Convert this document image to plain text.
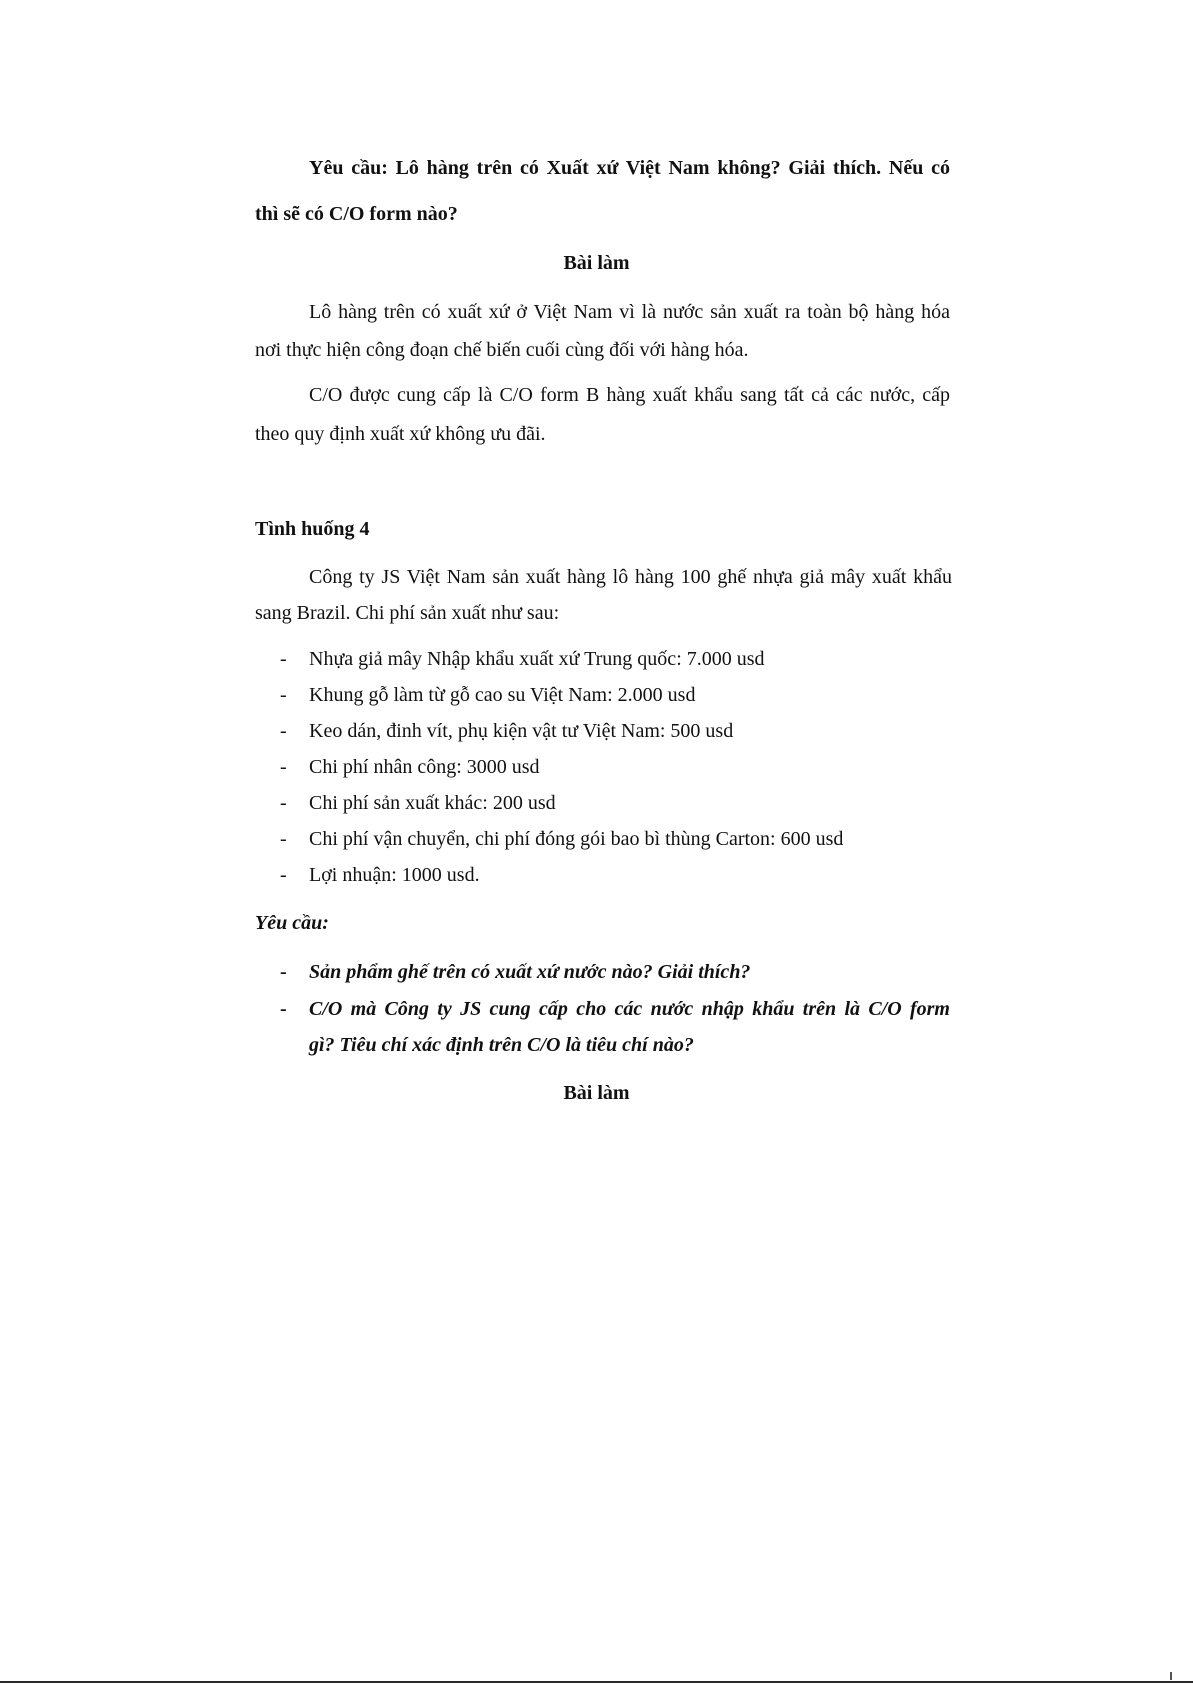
Yêu cầu: Lô hàng trên có Xuất xứ Việt Nam không? Giải thích. Nếu có
thì sẽ có C/O form nào?
Bài làm
Lô hàng trên có xuất xứ ở Việt Nam vì là nước sản xuất ra toàn bộ hàng hóa
nơi thực hiện công đoạn chế biến cuối cùng đối với hàng hóa.
C/O được cung cấp là C/O form B hàng xuất khẩu sang tất cả các nước, cấp
theo quy định xuất xứ không ưu đãi.
Tình huống 4
Công ty JS Việt Nam sản xuất hàng lô hàng 100 ghế nhựa giả mây xuất khẩu
sang Brazil. Chi phí sản xuất như sau:
- Nhựa giả mây Nhập khẩu xuất xứ Trung quốc: 7.000 usd
- Khung gỗ làm từ gỗ cao su Việt Nam: 2.000 usd
- Keo dán, đinh vít, phụ kiện vật tư Việt Nam: 500 usd
- Chi phí nhân công: 3000 usd
- Chi phí sản xuất khác: 200 usd
- Chi phí vận chuyển, chi phí đóng gói bao bì thùng Carton: 600 usd
- Lợi nhuận: 1000 usd.
Yêu cầu:
- Sản phẩm ghế trên có xuất xứ nước nào? Giải thích?
- C/O mà Công ty JS cung cấp cho các nước nhập khẩu trên là C/O form
gì? Tiêu chí xác định trên C/O là tiêu chí nào?
Bài làm
